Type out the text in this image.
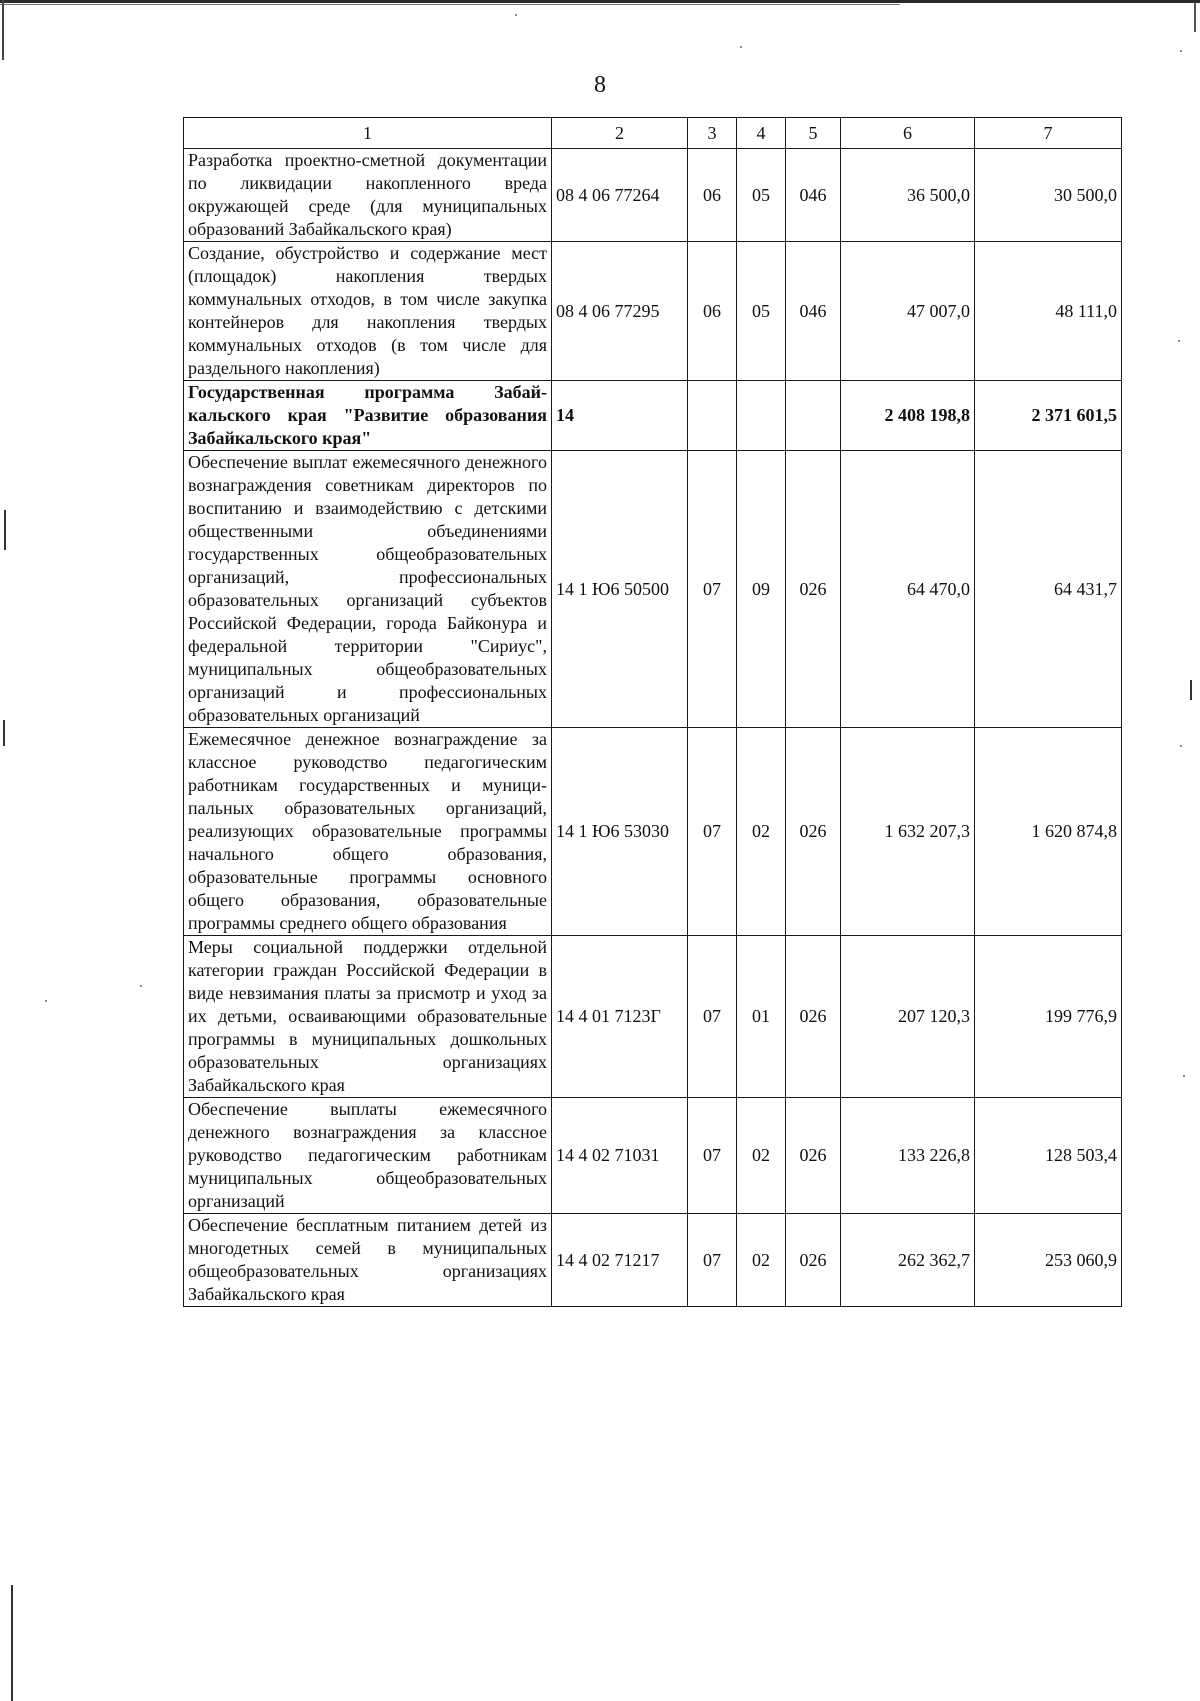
8
1	2	3	4	5	6	7
Разработка проектно-сметной документации по ликвидации накопленного вреда окружающей среде (для муниципальных образований Забайкальского края)	08 4 06 77264	06	05	046	36 500,0	30 500,0
Создание, обустройство и содержание мест (площадок) накопления твердых коммунальных отходов, в том числе закупка контейнеров для накопления твердых коммунальных отходов (в том числе для раздельного накопления)	08 4 06 77295	06	05	046	47 007,0	48 111,0
Государственная программа Забайкальского края "Развитие образования Забайкальского края"	14				2 408 198,8	2 371 601,5
Обеспечение выплат ежемесячного денежного вознаграждения советникам директоров по воспитанию и взаимодействию с детскими общественными объединениями государственных общеобразовательных организаций, профессиональных образовательных организаций субъектов Российской Федерации, города Байконура и федеральной территории "Сириус", муниципальных общеобразовательных организаций и профессиональных образовательных организаций	14 1 Ю6 50500	07	09	026	64 470,0	64 431,7
Ежемесячное денежное вознаграждение за классное руководство педагогическим работникам государственных и муниципальных образовательных организаций, реализующих образовательные программы начального общего образования, образовательные программы основного общего образования, образовательные программы среднего общего образования	14 1 Ю6 53030	07	02	026	1 632 207,3	1 620 874,8
Меры социальной поддержки отдельной категории граждан Российской Федерации в виде невзимания платы за присмотр и уход за их детьми, осваивающими образовательные программы в муниципальных дошкольных образовательных организациях Забайкальского края	14 4 01 7123Г	07	01	026	207 120,3	199 776,9
Обеспечение выплаты ежемесячного денежного вознаграждения за классное руководство педагогическим работникам муниципальных общеобразовательных организаций	14 4 02 71031	07	02	026	133 226,8	128 503,4
Обеспечение бесплатным питанием детей из многодетных семей в муниципальных общеобразовательных организациях Забайкальского края	14 4 02 71217	07	02	026	262 362,7	253 060,9
